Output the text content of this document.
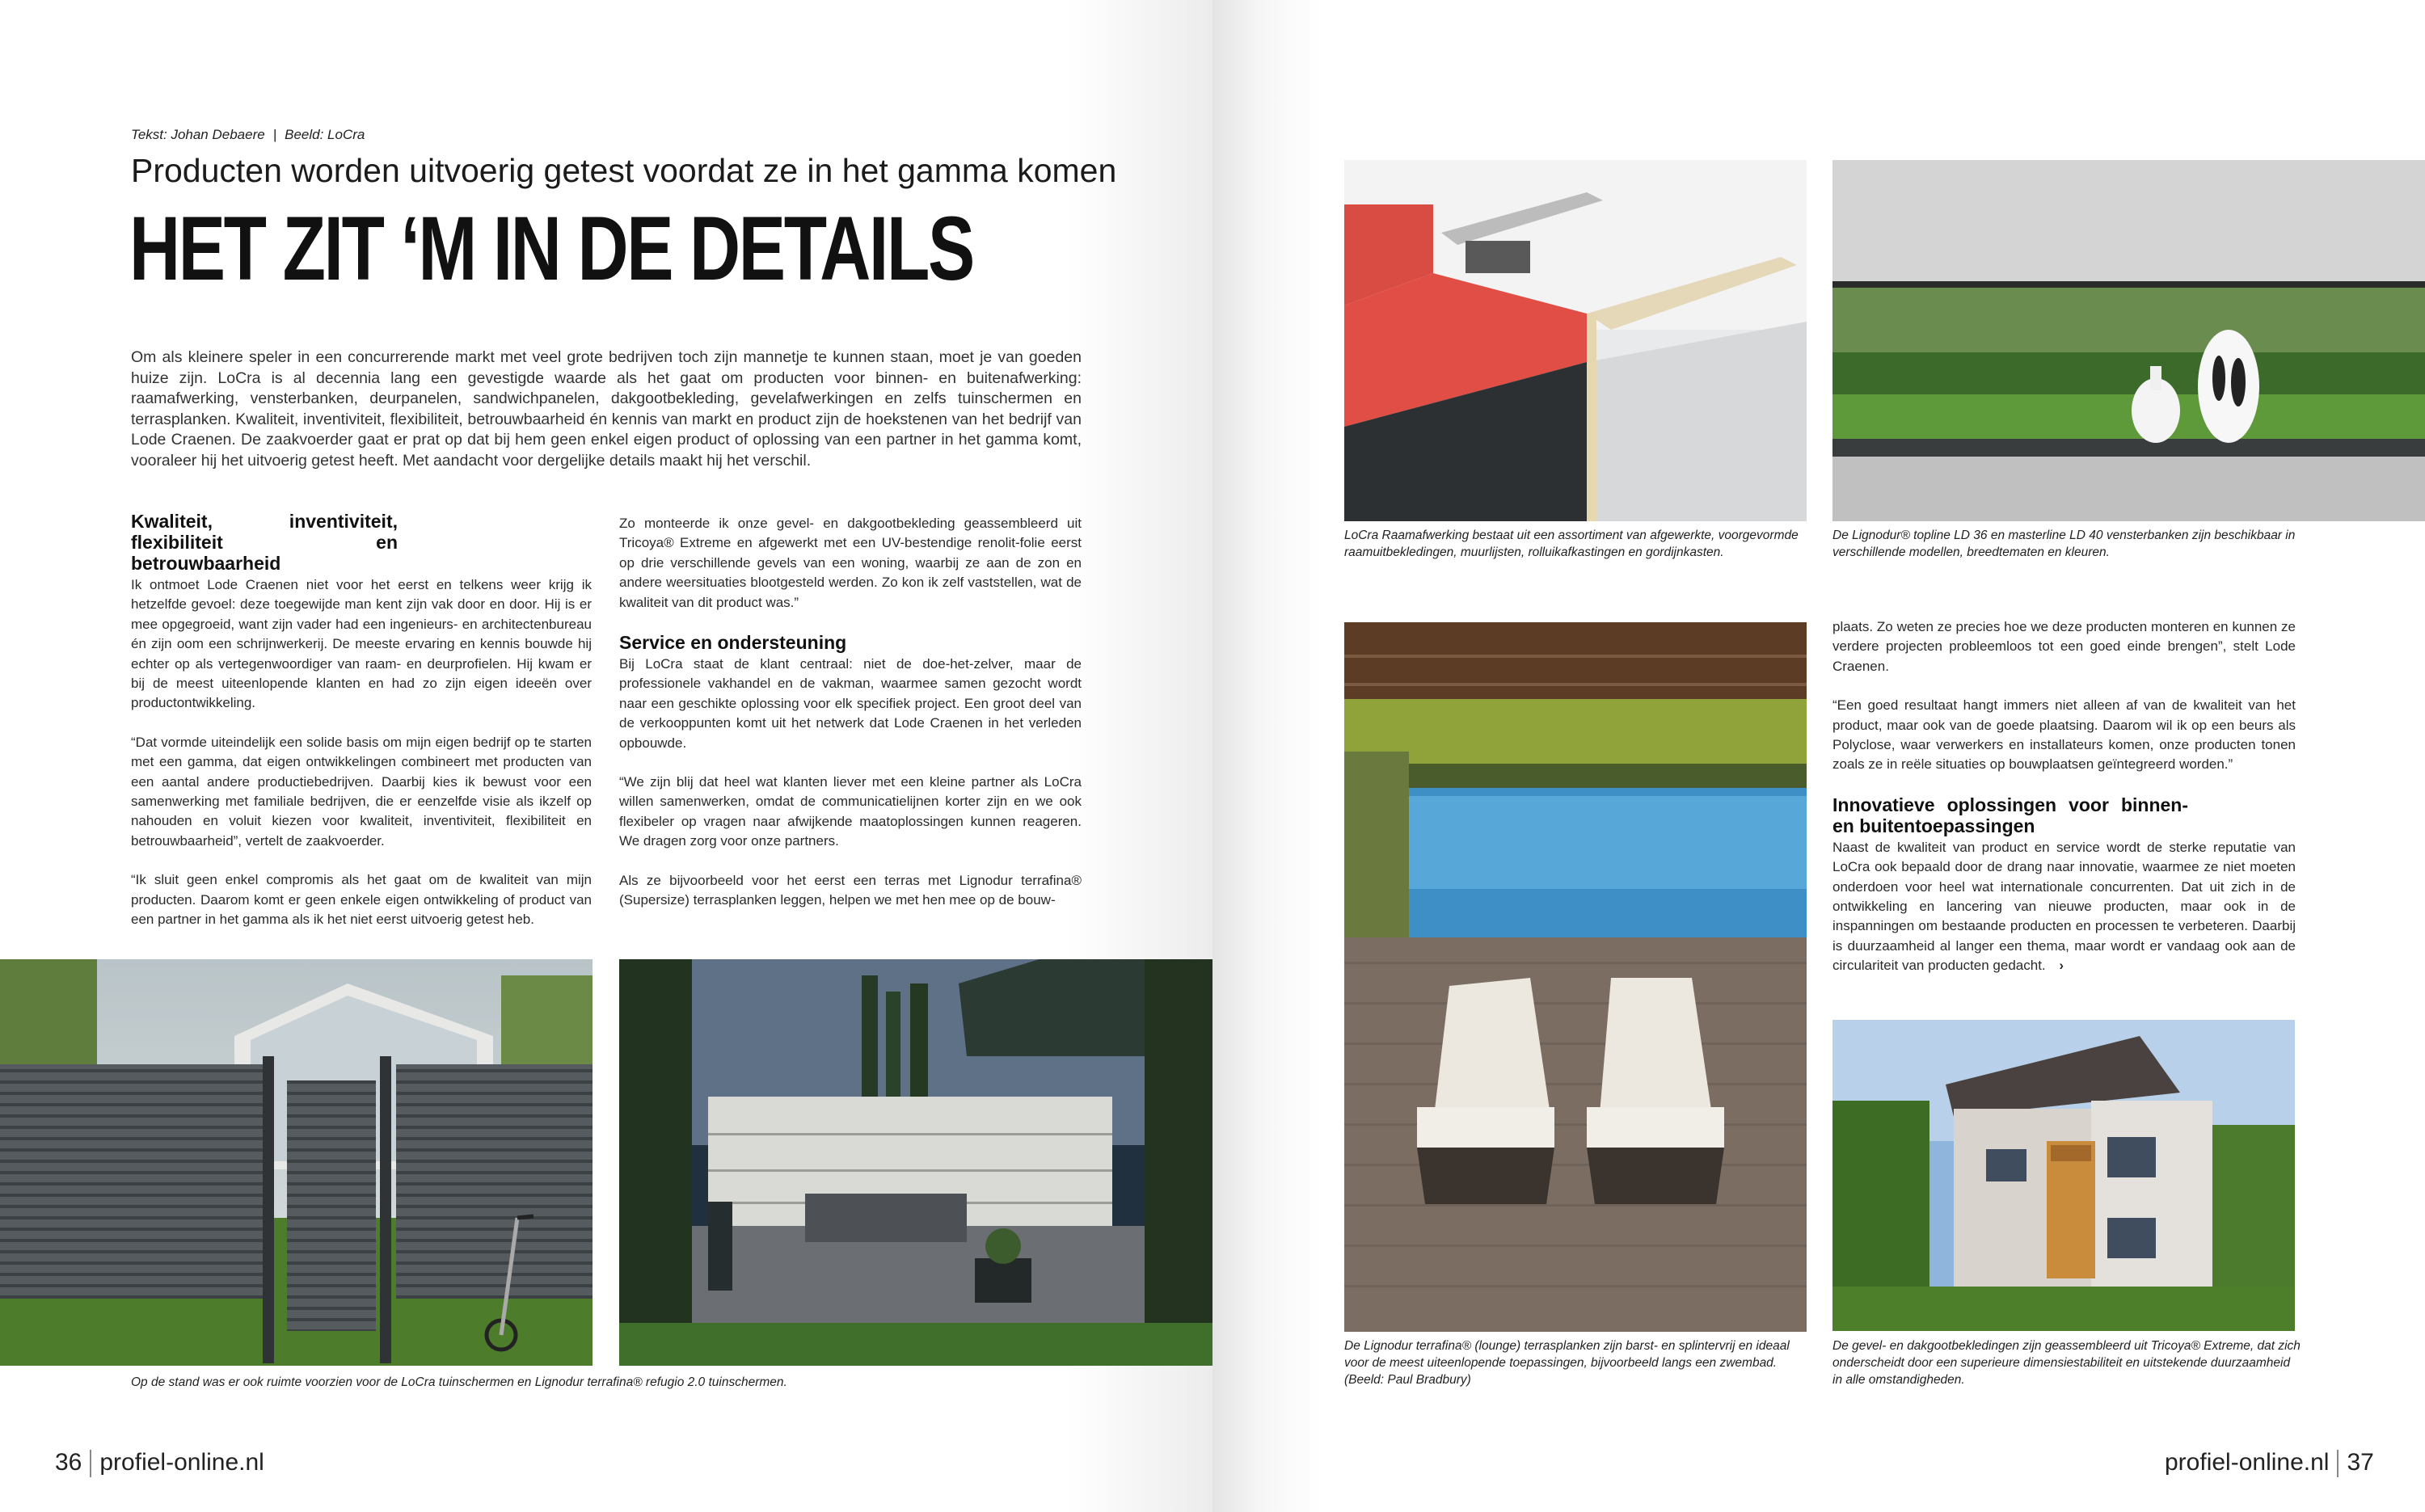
Tekst: Johan Debaere | Beeld: LoCra
Producten worden uitvoerig getest voordat ze in het gamma komen
HET ZIT ‘M IN DE DETAILS
Om als kleinere speler in een concurrerende markt met veel grote bedrijven toch zijn mannetje te kunnen staan, moet je van goeden huize zijn. LoCra is al decennia lang een gevestigde waarde als het gaat om producten voor binnen- en buitenafwerking: raamafwerking, vensterbanken, deurpanelen, sandwichpanelen, dakgootbekleding, gevelafwerkingen en zelfs tuinschermen en terrasplanken. Kwaliteit, inventiviteit, flexibiliteit, betrouwbaarheid én kennis van markt en product zijn de hoekstenen van het bedrijf van Lode Craenen. De zaakvoerder gaat er prat op dat bij hem geen enkel eigen product of oplossing van een partner in het gamma komt, vooraleer hij het uitvoerig getest heeft. Met aandacht voor dergelijke details maakt hij het verschil.
Kwaliteit, inventiviteit, flexibiliteit en betrouwbaarheid

Ik ontmoet Lode Craenen niet voor het eerst en telkens weer krijg ik hetzelfde gevoel: deze toegewijde man kent zijn vak door en door. Hij is er mee opgegroeid, want zijn vader had een ingenieurs- en architectenbureau én zijn oom een schrijnwerkerij. De meeste ervaring en kennis bouwde hij echter op als vertegenwoordiger van raam- en deurprofielen. Hij kwam er bij de meest uiteenlopende klanten en had zo zijn eigen ideeën over productontwikkeling.

“Dat vormde uiteindelijk een solide basis om mijn eigen bedrijf op te starten met een gamma, dat eigen ontwikkelingen combineert met producten van een aantal andere productiebedrijven. Daarbij kies ik bewust voor een samenwerking met familiale bedrijven, die er eenzelfde visie als ikzelf op nahouden en voluit kiezen voor kwaliteit, inventiviteit, flexibiliteit en betrouwbaarheid”, vertelt de zaakvoerder.

“Ik sluit geen enkel compromis als het gaat om de kwaliteit van mijn producten. Daarom komt er geen enkele eigen ontwikkeling of product van een partner in het gamma als ik het niet eerst uitvoerig getest heb.

Zo monteerde ik onze gevel- en dakgootbekleding geassembleerd uit Tricoya® Extreme en afgewerkt met een UV-bestendige renolit-folie eerst op drie verschillende gevels van een woning, waarbij ze aan de zon en andere weersituaties blootgesteld werden. Zo kon ik zelf vaststellen, wat de kwaliteit van dit product was.”

Service en ondersteuning

Bij LoCra staat de klant centraal: niet de doe-het-zelver, maar de professionele vakhandel en de vakman, waarmee samen gezocht wordt naar een geschikte oplossing voor elk specifiek project. Een groot deel van de verkooppunten komt uit het netwerk dat Lode Craenen in het verleden opbouwde.

“We zijn blij dat heel wat klanten liever met een kleine partner als LoCra willen samenwerken, omdat de communicatielijnen korter zijn en we ook flexibeler op vragen naar afwijkende maatoplossingen kunnen reageren. We dragen zorg voor onze partners.

Als ze bijvoorbeeld voor het eerst een terras met Lignodur terrafina® (Supersize) terrasplanken leggen, helpen we met hen mee op de bouw-

Op de stand was er ook ruimte voorzien voor de LoCra tuinschermen en Lignodur terrafina® refugio 2.0 tuinschermen.
36 profiel-online.nl
LoCra Raamafwerking bestaat uit een assortiment van afgewerkte, voorgevormde raamuitbekledingen, muurlijsten, rolluikafkastingen en gordijnkasten.
De Lignodur® topline LD 36 en masterline LD 40 vensterbanken zijn beschikbaar in verschillende modellen, breedtematen en kleuren.
De Lignodur terrafina® (lounge) terrasplanken zijn barst- en splintervrij en ideaal voor de meest uiteenlopende toepassingen, bijvoorbeeld langs een zwembad. (Beeld: Paul Bradbury)

plaats. Zo weten ze precies hoe we deze producten monteren en kunnen ze verdere projecten probleemloos tot een goed einde brengen”, stelt Lode Craenen.

“Een goed resultaat hangt immers niet alleen af van de kwaliteit van het product, maar ook van de goede plaatsing. Daarom wil ik op een beurs als Polyclose, waar verwerkers en installateurs komen, onze producten tonen zoals ze in reële situaties op bouwplaatsen geïntegreerd worden.”

Innovatieve oplossingen voor binnen- en buitentoepassingen

Naast de kwaliteit van product en service wordt de sterke reputatie van LoCra ook bepaald door de drang naar innovatie, waarmee ze niet moeten onderdoen voor heel wat internationale concurrenten. Dat uit zich in de ontwikkeling en lancering van nieuwe producten, maar ook in de inspanningen om bestaande producten en processen te verbeteren. Daarbij is duurzaamheid al langer een thema, maar wordt er vandaag ook aan de circulariteit van producten gedacht. ›

De gevel- en dakgootbekledingen zijn geassembleerd uit Tricoya® Extreme, dat zich onderscheidt door een superieure dimensiestabiliteit en uitstekende duurzaamheid in alle omstandigheden.
profiel-online.nl 37
